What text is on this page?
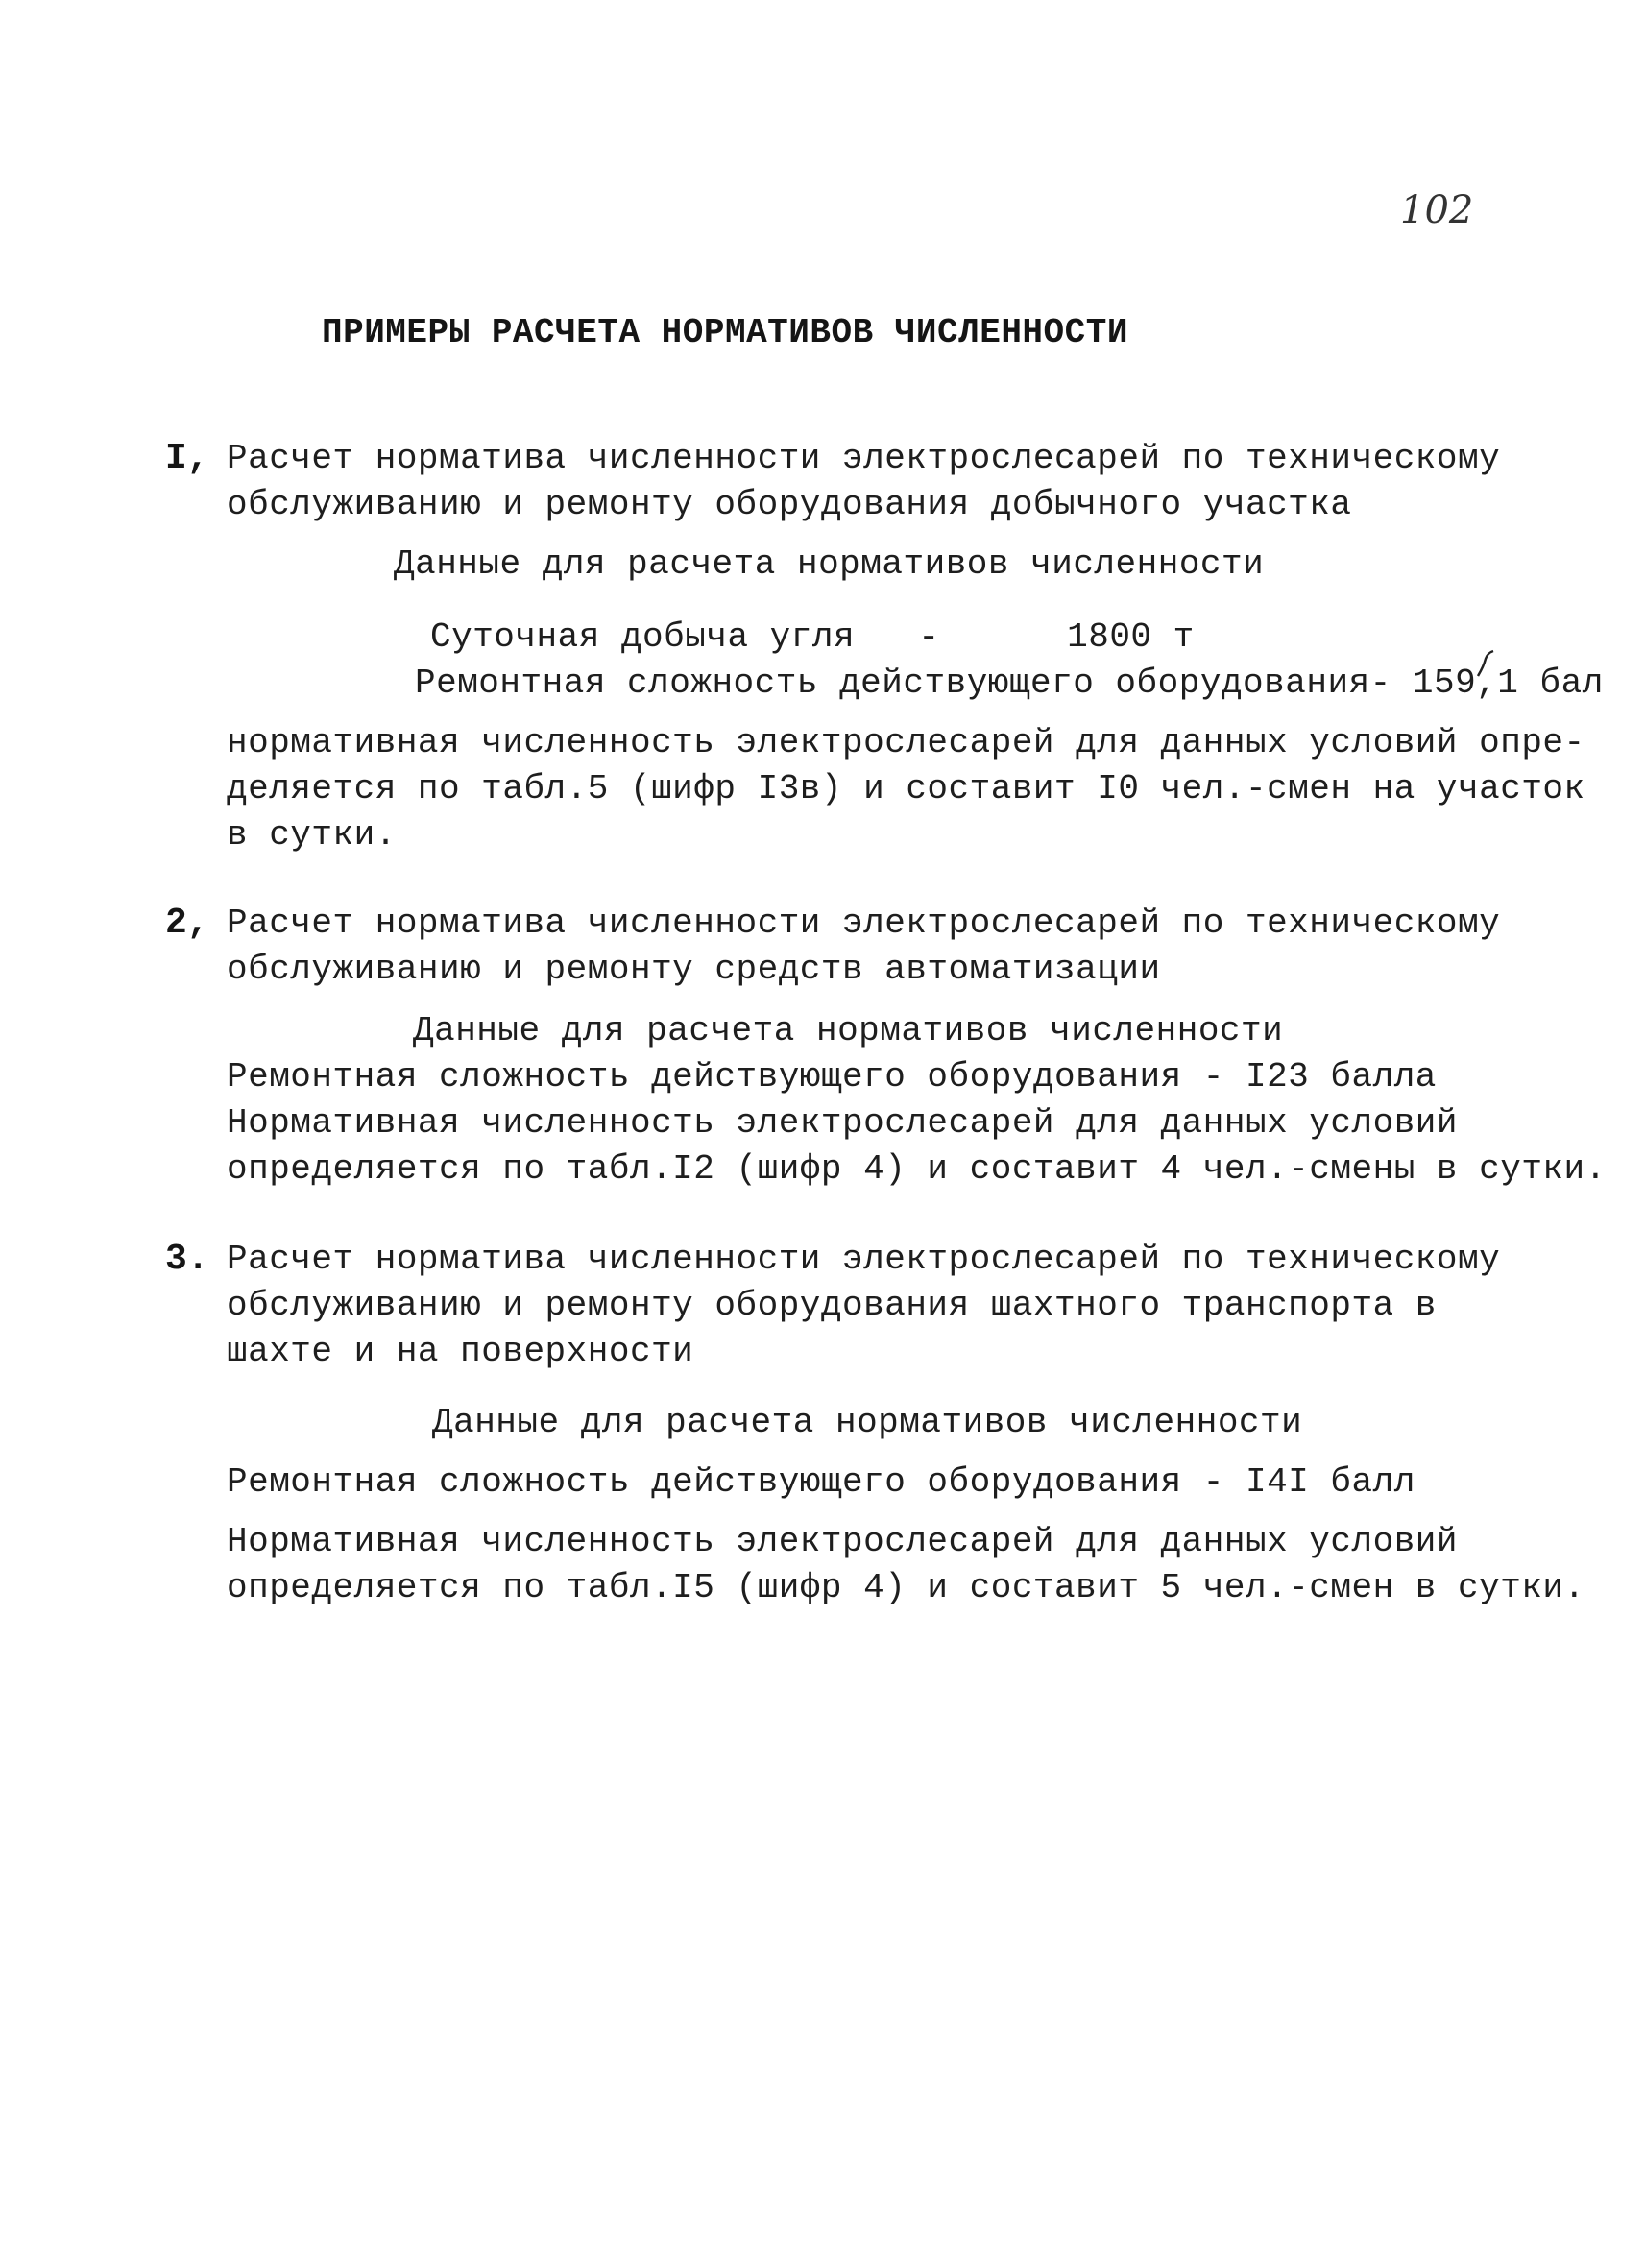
102
ПРИМЕРЫ РАСЧЕТА НОРМАТИВОВ ЧИСЛЕННОСТИ
I, Расчет норматива численности электрослесарей по техническому
обслуживанию и ремонту оборудования добычного участка
Данные для расчета нормативов численности
Суточная добыча угля   -      1800 т
Ремонтная сложность действующего оборудования- 159,1 бал
нормативная численность электрослесарей для данных условий опре-
деляется по табл.5 (шифр I3в) и составит I0 чел.-смен на участок
в сутки.
2, Расчет норматива численности электрослесарей по техническому
обслуживанию и ремонту средств автоматизации
Данные для расчета нормативов численности
Ремонтная сложность действующего оборудования - I23 балла
Нормативная численность электрослесарей для данных условий
определяется по табл.I2 (шифр 4) и составит 4 чел.-смены в сутки.
3. Расчет норматива численности электрослесарей по техническому
обслуживанию и ремонту оборудования шахтного транспорта в
шахте и на поверхности
Данные для расчета нормативов численности
Ремонтная сложность действующего оборудования - I4I балл
Нормативная численность электрослесарей для данных условий
определяется по табл.I5 (шифр 4) и составит 5 чел.-смен в сутки.
